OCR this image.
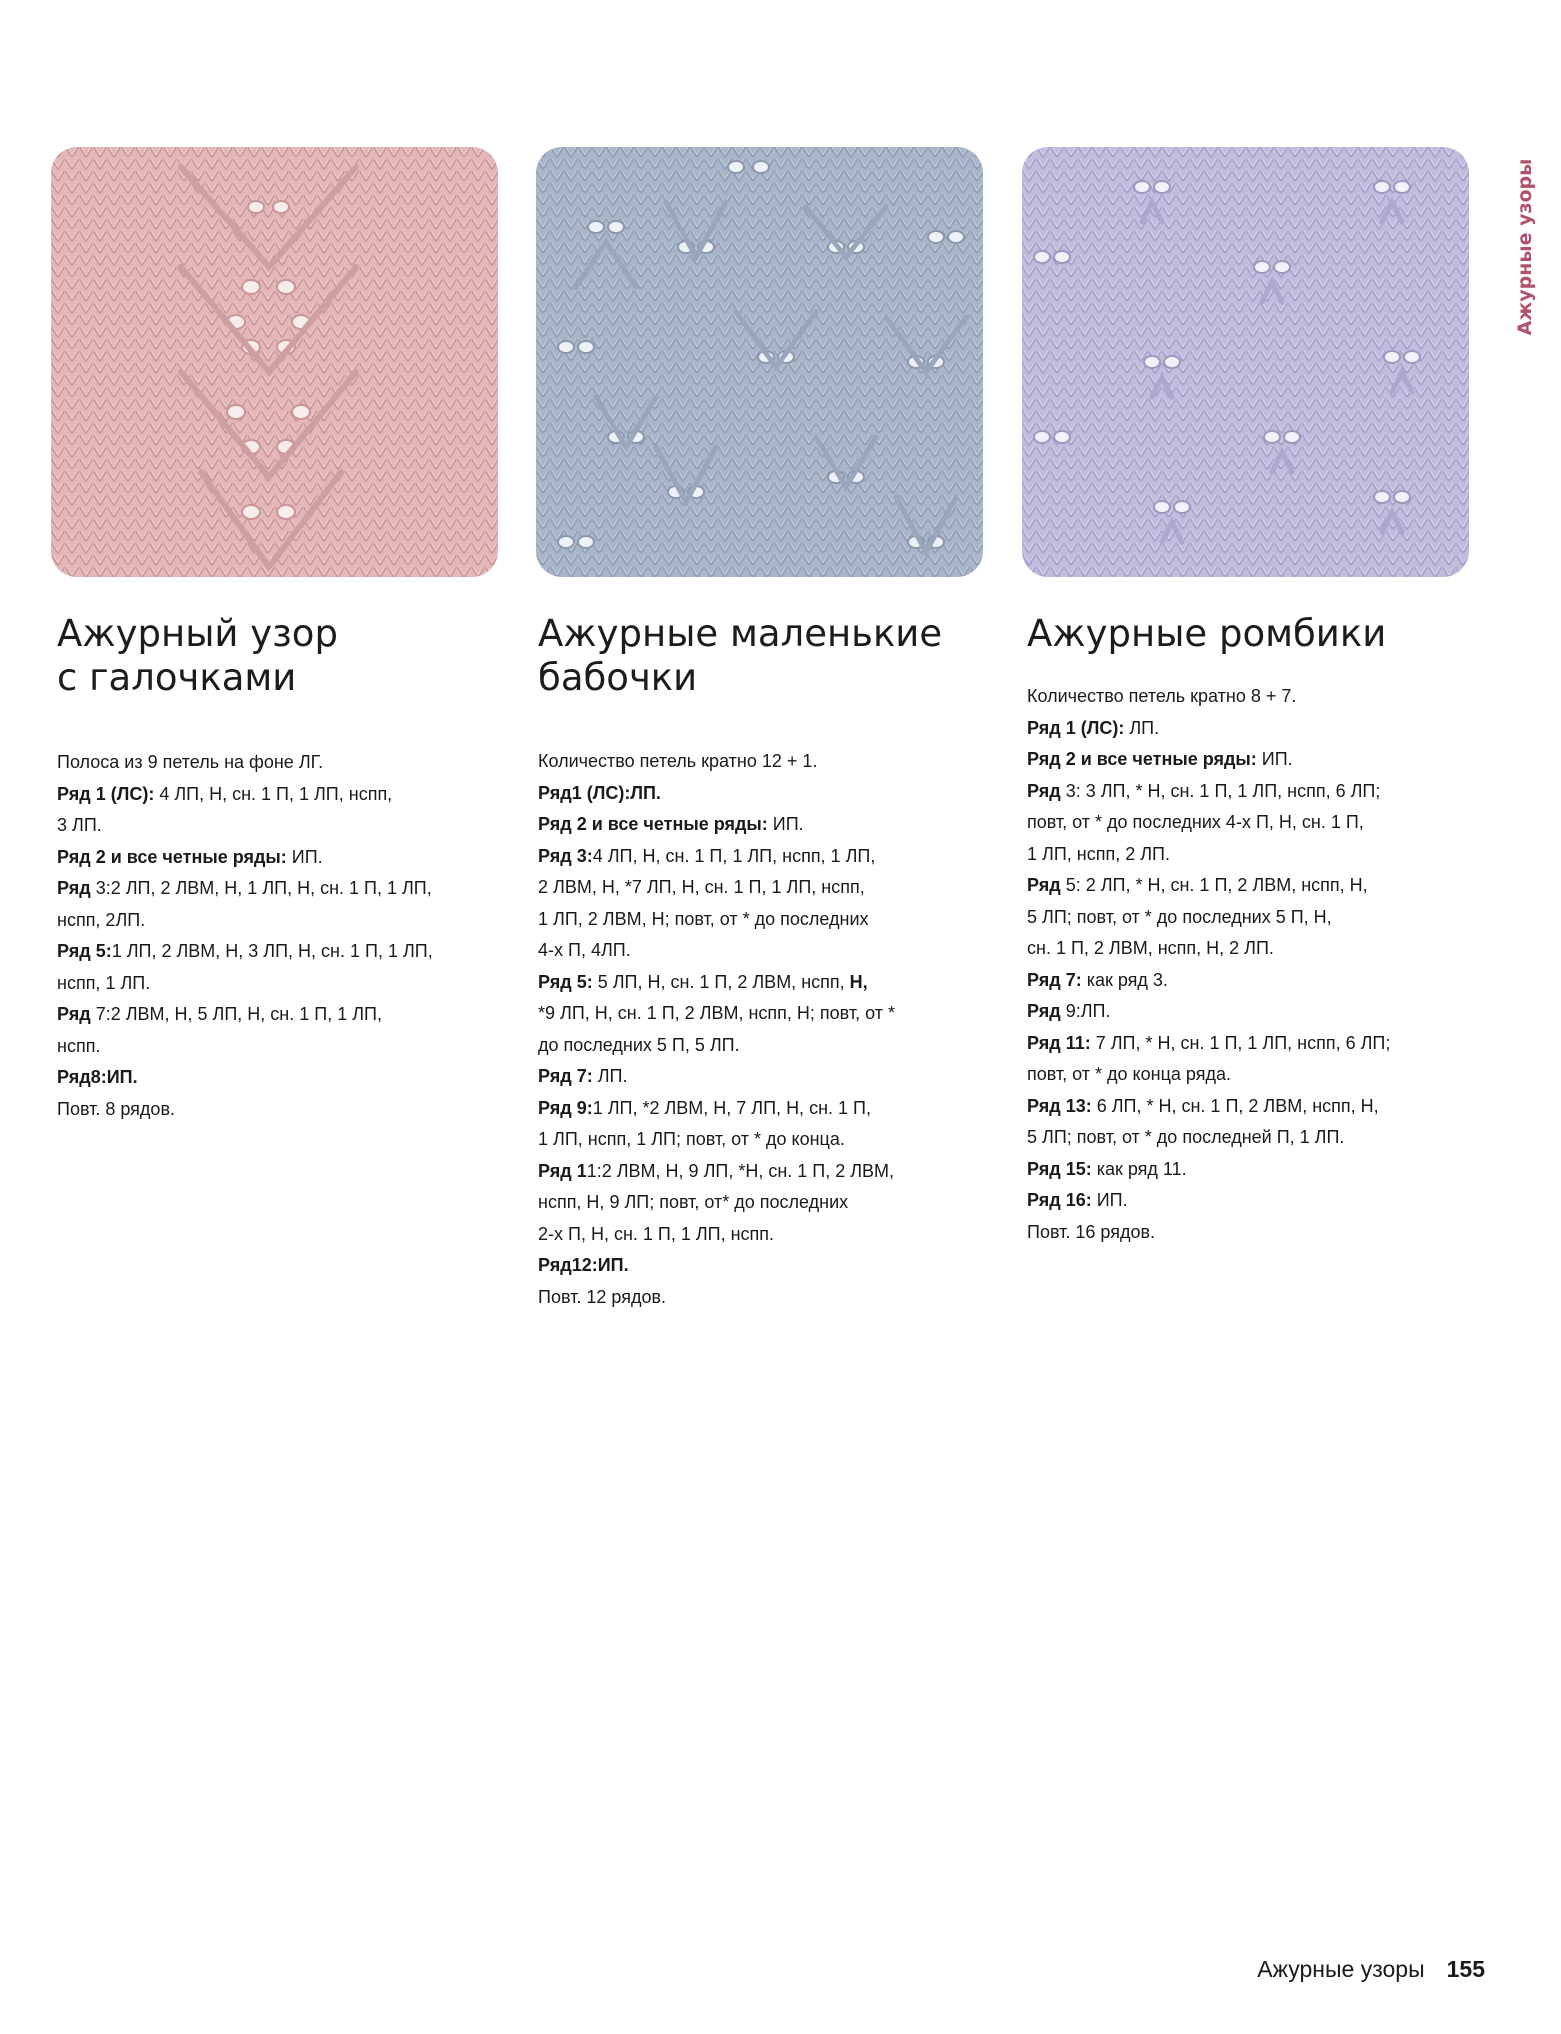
Ажурный узор
с галочками
Полоса из 9 петель на фоне ЛГ.
Ряд 1 (ЛС): 4 ЛП, Н, сн. 1 П, 1 ЛП, нспп,
3 ЛП.
Ряд 2 и все четные ряды: ИП.
Ряд 3:2 ЛП, 2 ЛВМ, Н, 1 ЛП, Н, сн. 1 П, 1 ЛП,
нспп, 2ЛП.
Ряд 5:1 ЛП, 2 ЛВМ, Н, 3 ЛП, Н, сн. 1 П, 1 ЛП,
нспп, 1 ЛП.
Ряд 7:2 ЛВМ, Н, 5 ЛП, Н, сн. 1 П, 1 ЛП,
нспп.
Ряд8:ИП.
Повт. 8 рядов.
Ажурные маленькие
бабочки
Количество петель кратно 12 + 1.
Ряд1 (ЛС):ЛП.
Ряд 2 и все четные ряды: ИП.
Ряд 3:4 ЛП, Н, сн. 1 П, 1 ЛП, нспп, 1 ЛП,
2 ЛВМ, Н, *7 ЛП, Н, сн. 1 П, 1 ЛП, нспп,
1 ЛП, 2 ЛВМ, Н; повт, от * до последних
4-х П, 4ЛП.
Ряд 5: 5 ЛП, Н, сн. 1 П, 2 ЛВМ, нспп, Н,
*9 ЛП, Н, сн. 1 П, 2 ЛВМ, нспп, Н; повт, от *
до последних 5 П, 5 ЛП.
Ряд 7: ЛП.
Ряд 9:1 ЛП, *2 ЛВМ, Н, 7 ЛП, Н, сн. 1 П,
1 ЛП, нспп, 1 ЛП; повт, от * до конца.
Ряд 11:2 ЛВМ, Н, 9 ЛП, *Н, сн. 1 П, 2 ЛВМ,
нспп, Н, 9 ЛП; повт, от* до последних
2-х П, Н, сн. 1 П, 1 ЛП, нспп.
Ряд12:ИП.
Повт. 12 рядов.
Ажурные ромбики
Количество петель кратно 8 + 7.
Ряд 1 (ЛС): ЛП.
Ряд 2 и все четные ряды: ИП.
Ряд 3: 3 ЛП, * Н, сн. 1 П, 1 ЛП, нспп, 6 ЛП;
повт, от * до последних 4-х П, Н, сн. 1 П,
1 ЛП, нспп, 2 ЛП.
Ряд 5: 2 ЛП, * Н, сн. 1 П, 2 ЛВМ, нспп, Н,
5 ЛП; повт, от * до последних 5 П, Н,
сн. 1 П, 2 ЛВМ, нспп, Н, 2 ЛП.
Ряд 7: как ряд 3.
Ряд 9:ЛП.
Ряд 11: 7 ЛП, * Н, сн. 1 П, 1 ЛП, нспп, 6 ЛП;
повт, от * до конца ряда.
Ряд 13: 6 ЛП, * Н, сн. 1 П, 2 ЛВМ, нспп, Н,
5 ЛП; повт, от * до последней П, 1 ЛП.
Ряд 15: как ряд 11.
Ряд 16: ИП.
Повт. 16 рядов.
Ажурные узоры
Ажурные узоры 155
